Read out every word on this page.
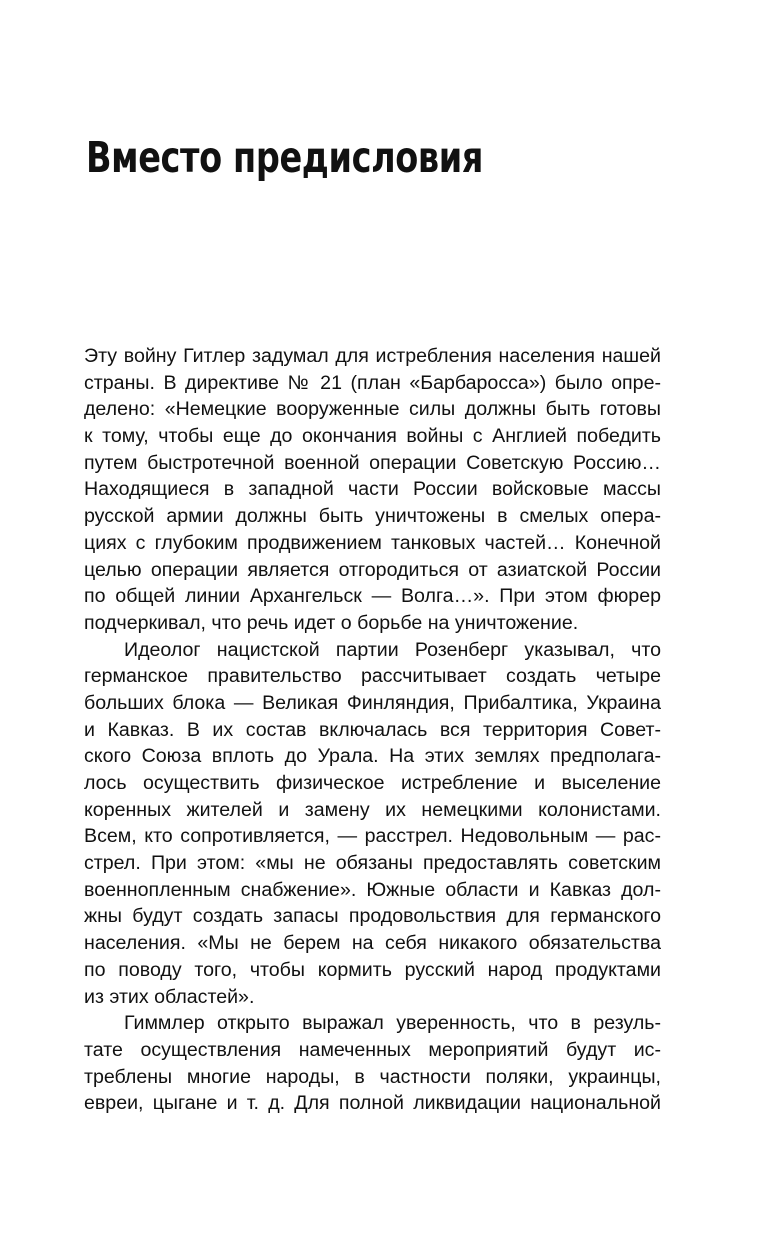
Вместо предисловия
Эту войну Гитлер задумал для истребления населения нашей
страны. В директиве № 21 (план «Барбаросса») было опре-
делено: «Немецкие вооруженные силы должны быть готовы
к тому, чтобы еще до окончания войны с Англией победить
путем быстротечной военной операции Советскую Россию…
Находящиеся в западной части России войсковые массы
русской армии должны быть уничтожены в смелых опера-
циях с глубоким продвижением танковых частей… Конечной
целью операции является отгородиться от азиатской России
по общей линии Архангельск — Волга…». При этом фюрер
подчеркивал, что речь идет о борьбе на уничтожение.
Идеолог нацистской партии Розенберг указывал, что
германское правительство рассчитывает создать четыре
больших блока — Великая Финляндия, Прибалтика, Украина
и Кавказ. В их состав включалась вся территория Совет-
ского Союза вплоть до Урала. На этих землях предполага-
лось осуществить физическое истребление и выселение
коренных жителей и замену их немецкими колонистами.
Всем, кто сопротивляется, — расстрел. Недовольным — рас-
стрел. При этом: «мы не обязаны предоставлять советским
военнопленным снабжение». Южные области и Кавказ дол-
жны будут создать запасы продовольствия для германского
населения. «Мы не берем на себя никакого обязательства
по поводу того, чтобы кормить русский народ продуктами
из этих областей».
Гиммлер открыто выражал уверенность, что в резуль-
тате осуществления намеченных мероприятий будут ис-
треблены многие народы, в частности поляки, украинцы,
евреи, цыгане и т. д. Для полной ликвидации национальной
